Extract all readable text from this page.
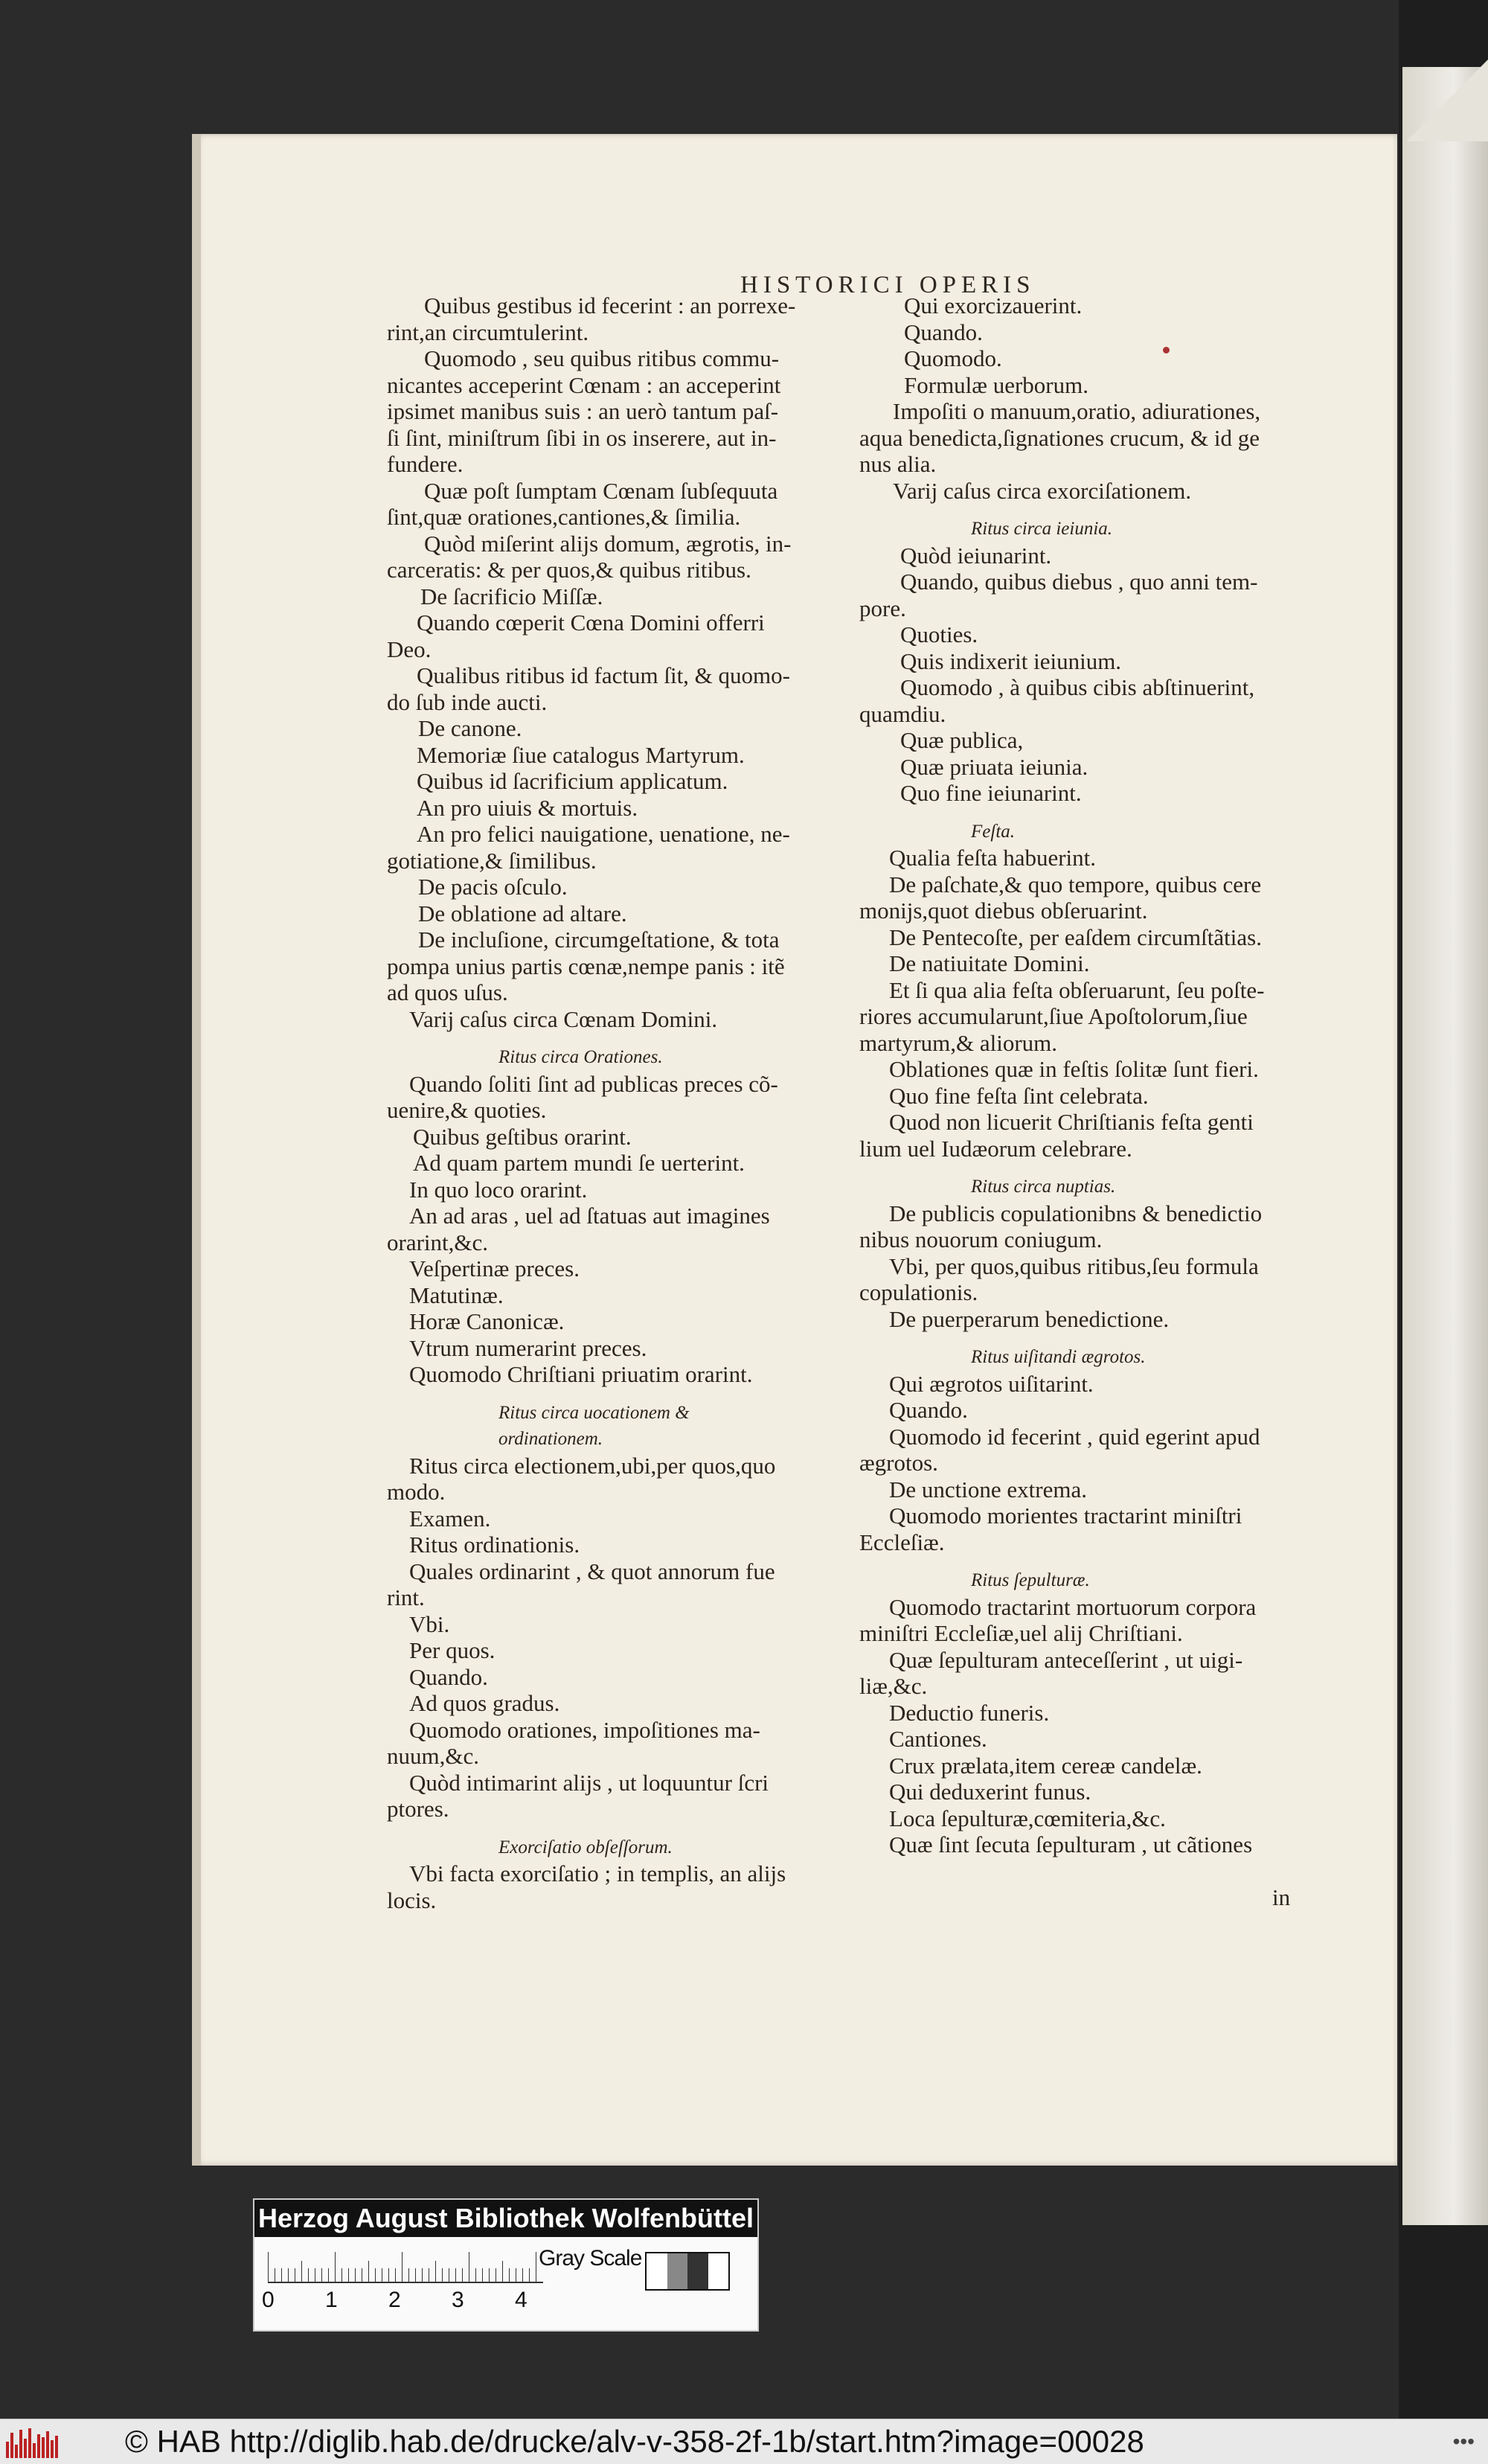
HISTORICI OPERIS
Quibus gestibus id fecerint : an porrexe-
rint,an circumtulerint.
Quomodo , seu quibus ritibus commu-
nicantes acceperint Cœnam : an acceperint
ipsimet manibus suis : an uerò tantum paſ-
ſi ſint, miniſtrum ſibi in os inserere, aut in-
fundere.
Quæ poſt ſumptam Cœnam ſubſequuta
ſint,quæ orationes,cantiones,& ſimilia.
Quòd miſerint alijs domum, ægrotis, in-
carceratis: & per quos,& quibus ritibus.
De ſacrificio Miſſæ.
Quando cœperit Cœna Domini offerri
Deo.
Qualibus ritibus id factum ſit, & quomo-
do ſub inde aucti.
De canone.
Memoriæ ſiue catalogus Martyrum.
Quibus id ſacrificium applicatum.
An pro uiuis & mortuis.
An pro felici nauigatione, uenatione, ne-
gotiatione,& ſimilibus.
De pacis oſculo.
De oblatione ad altare.
De incluſione, circumgeſtatione, & tota
pompa unius partis cœnæ,nempe panis : itẽ
ad quos uſus.
Varij caſus circa Cœnam Domini.
Ritus circa Orationes.
Quando ſoliti ſint ad publicas preces cõ-
uenire,& quoties.
Quibus geſtibus orarint.
Ad quam partem mundi ſe uerterint.
In quo loco orarint.
An ad aras , uel ad ſtatuas aut imagines
orarint,&c.
Veſpertinæ preces.
Matutinæ.
Horæ Canonicæ.
Vtrum numerarint preces.
Quomodo Chriſtiani priuatim orarint.
Ritus circa uocationem &
ordinationem.
Ritus circa electionem,ubi,per quos,quo
modo.
Examen.
Ritus ordinationis.
Quales ordinarint , & quot annorum fue
rint.
Vbi.
Per quos.
Quando.
Ad quos gradus.
Quomodo orationes, impoſitiones ma-
nuum,&c.
Quòd intimarint alijs , ut loquuntur ſcri
ptores.
Exorciſatio obſeſſorum.
Vbi facta exorciſatio ; in templis, an alijs
locis.
Qui exorcizauerint.
Quando.
Quomodo.
Formulæ uerborum.
Impoſiti o manuum,oratio, adiurationes,
aqua benedicta,ſignationes crucum, & id ge
nus alia.
Varij caſus circa exorciſationem.
Ritus circa ieiunia.
Quòd ieiunarint.
Quando, quibus diebus , quo anni tem-
pore.
Quoties.
Quis indixerit ieiunium.
Quomodo , à quibus cibis abſtinuerint,
quamdiu.
Quæ publica,
Quæ priuata ieiunia.
Quo fine ieiunarint.
Feſta.
Qualia feſta habuerint.
De paſchate,& quo tempore, quibus cere
monijs,quot diebus obſeruarint.
De Pentecoſte, per eaſdem circumſtãtias.
De natiuitate Domini.
Et ſi qua alia feſta obſeruarunt, ſeu poſte-
riores accumularunt,ſiue Apoſtolorum,ſiue
martyrum,& aliorum.
Oblationes quæ in feſtis ſolitæ ſunt fieri.
Quo fine feſta ſint celebrata.
Quod non licuerit Chriſtianis feſta genti
lium uel Iudæorum celebrare.
Ritus circa nuptias.
De publicis copulationibns & benedictio
nibus nouorum coniugum.
Vbi, per quos,quibus ritibus,ſeu formula
copulationis.
De puerperarum benedictione.
Ritus uiſitandi ægrotos.
Qui ægrotos uiſitarint.
Quando.
Quomodo id fecerint , quid egerint apud
ægrotos.
De unctione extrema.
Quomodo morientes tractarint miniſtri
Eccleſiæ.
Ritus ſepulturæ.
Quomodo tractarint mortuorum corpora
miniſtri Eccleſiæ,uel alij Chriſtiani.
Quæ ſepulturam anteceſſerint , ut uigi-
liæ,&c.
Deductio funeris.
Cantiones.
Crux prælata,item cereæ candelæ.
Qui deduxerint funus.
Loca ſepulturæ,cœmiteria,&c.
Quæ ſint ſecuta ſepulturam , ut cãtiones
in
Herzog August Bibliothek Wolfenbüttel
0 1 2 3 4
Gray Scale
© HAB http://diglib.hab.de/drucke/alv-v-358-2f-1b/start.htm?image=00028	•••
